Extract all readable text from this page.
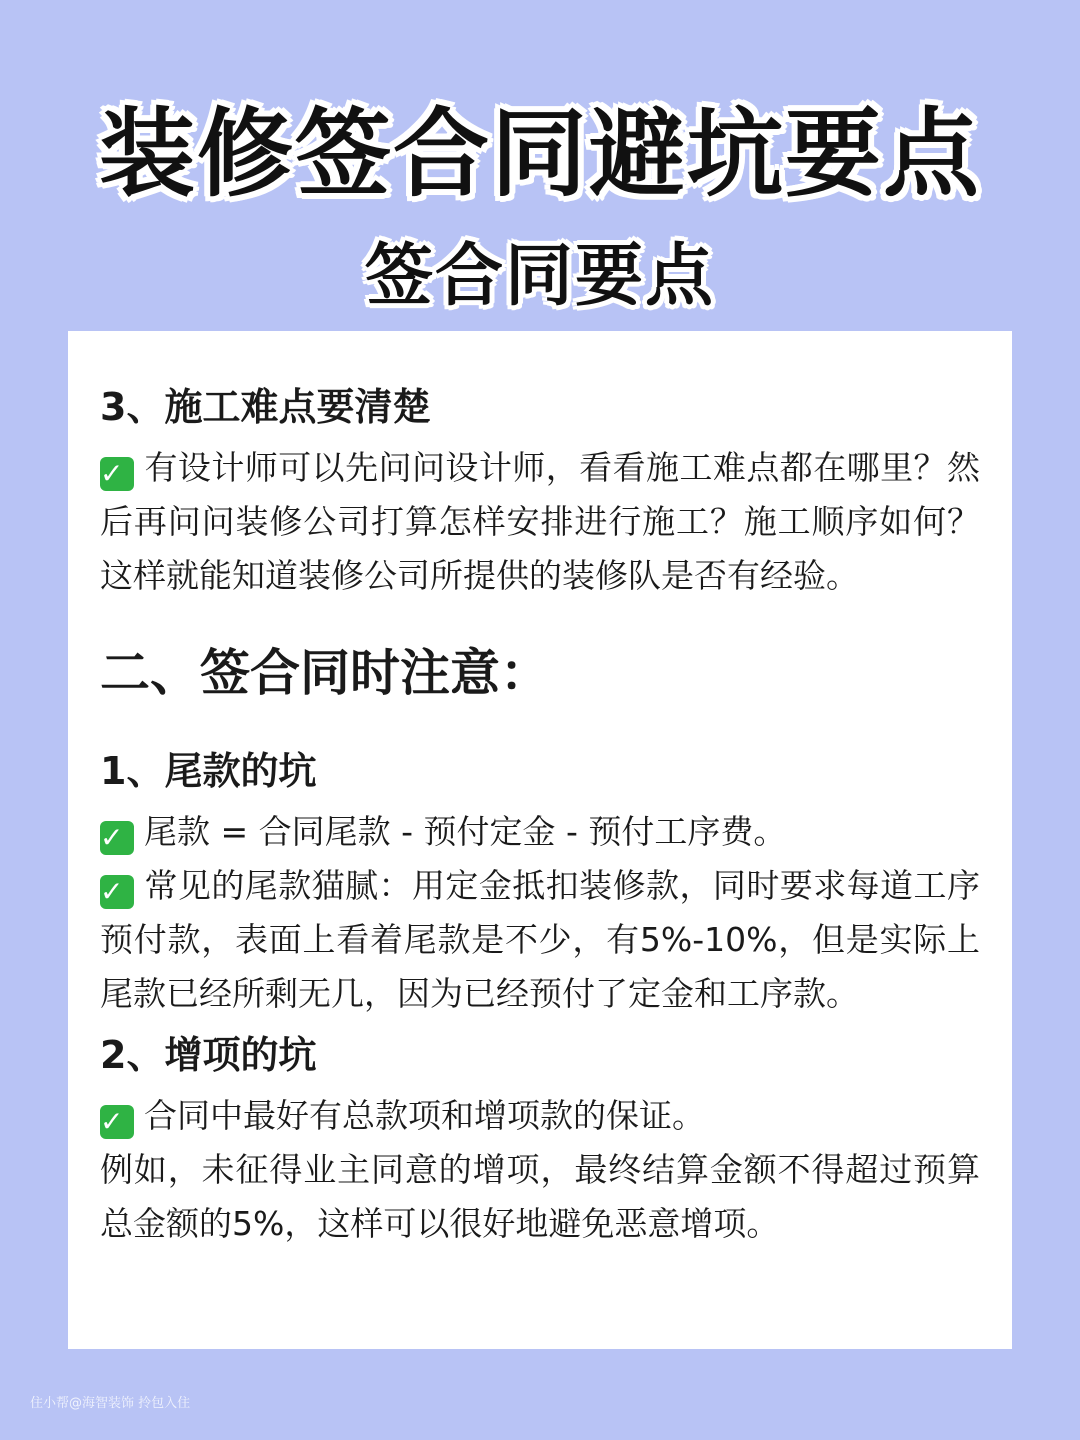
装修签合同避坑要点
签合同要点

3、施工难点要清楚

✓ 有设计师可以先问问设计师，看看施工难点都在哪里？然后再问问装修公司打算怎样安排进行施工？施工顺序如何？这样就能知道装修公司所提供的装修队是否有经验。

二、签合同时注意：

1、尾款的坑

✓ 尾款 = 合同尾款 - 预付定金 - 预付工序费。

✓ 常见的尾款猫腻：用定金抵扣装修款，同时要求每道工序预付款，表面上看着尾款是不少，有5%-10%，但是实际上尾款已经所剩无几，因为已经预付了定金和工序款。

2、增项的坑

✓ 合同中最好有总款项和增项款的保证。

例如，未征得业主同意的增项，最终结算金额不得超过预算总金额的5%，这样可以很好地避免恶意增项。

住小帮@海智装饰 拎包入住
